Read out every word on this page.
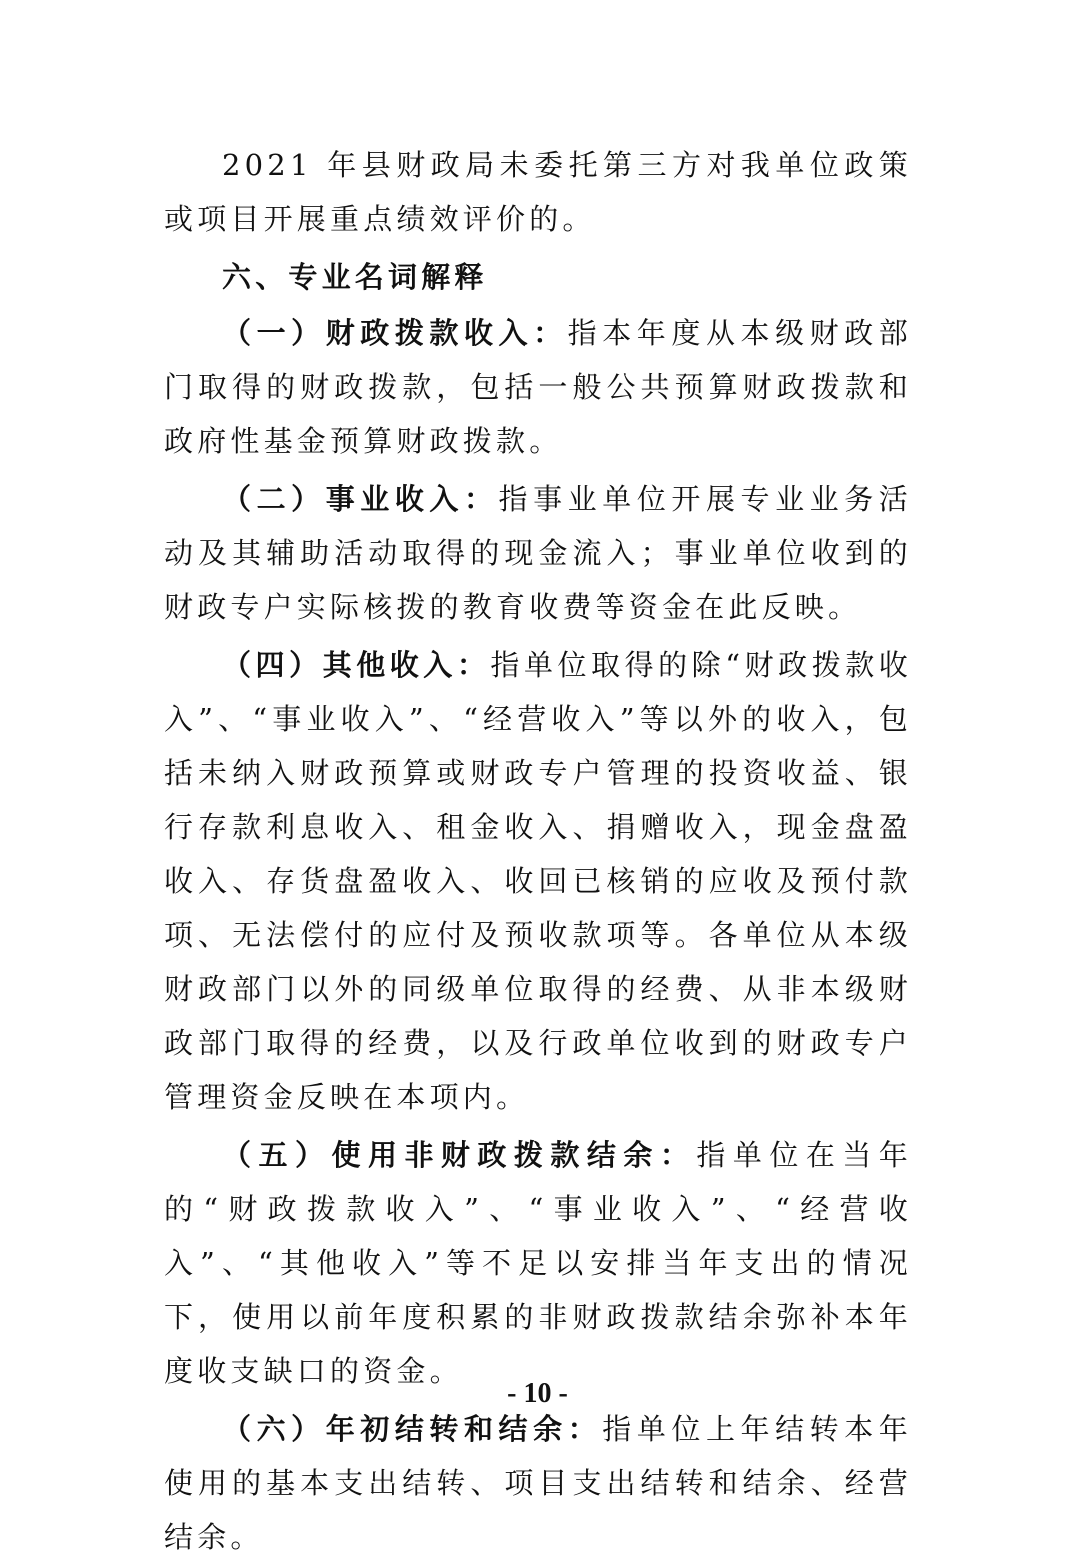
2021 年县财政局未委托第三方对我单位政策或项目开展重点绩效评价的。

六、专业名词解释

（一）财政拨款收入：指本年度从本级财政部门取得的财政拨款，包括一般公共预算财政拨款和政府性基金预算财政拨款。

（二）事业收入：指事业单位开展专业业务活动及其辅助活动取得的现金流入；事业单位收到的财政专户实际核拨的教育收费等资金在此反映。

（四）其他收入：指单位取得的除“财政拨款收入”、“事业收入”、“经营收入”等以外的收入，包括未纳入财政预算或财政专户管理的投资收益、银行存款利息收入、租金收入、捐赠收入，现金盘盈收入、存货盘盈收入、收回已核销的应收及预付款项、无法偿付的应付及预收款项等。各单位从本级财政部门以外的同级单位取得的经费、从非本级财政部门取得的经费，以及行政单位收到的财政专户管理资金反映在本项内。

（五）使用非财政拨款结余：指单位在当年的“财政拨款收入”、“事业收入”、“经营收入”、“其他收入”等不足以安排当年支出的情况下，使用以前年度积累的非财政拨款结余弥补本年度收支缺口的资金。

（六）年初结转和结余：指单位上年结转本年使用的基本支出结转、项目支出结转和结余、经营结余。

- 10 -
